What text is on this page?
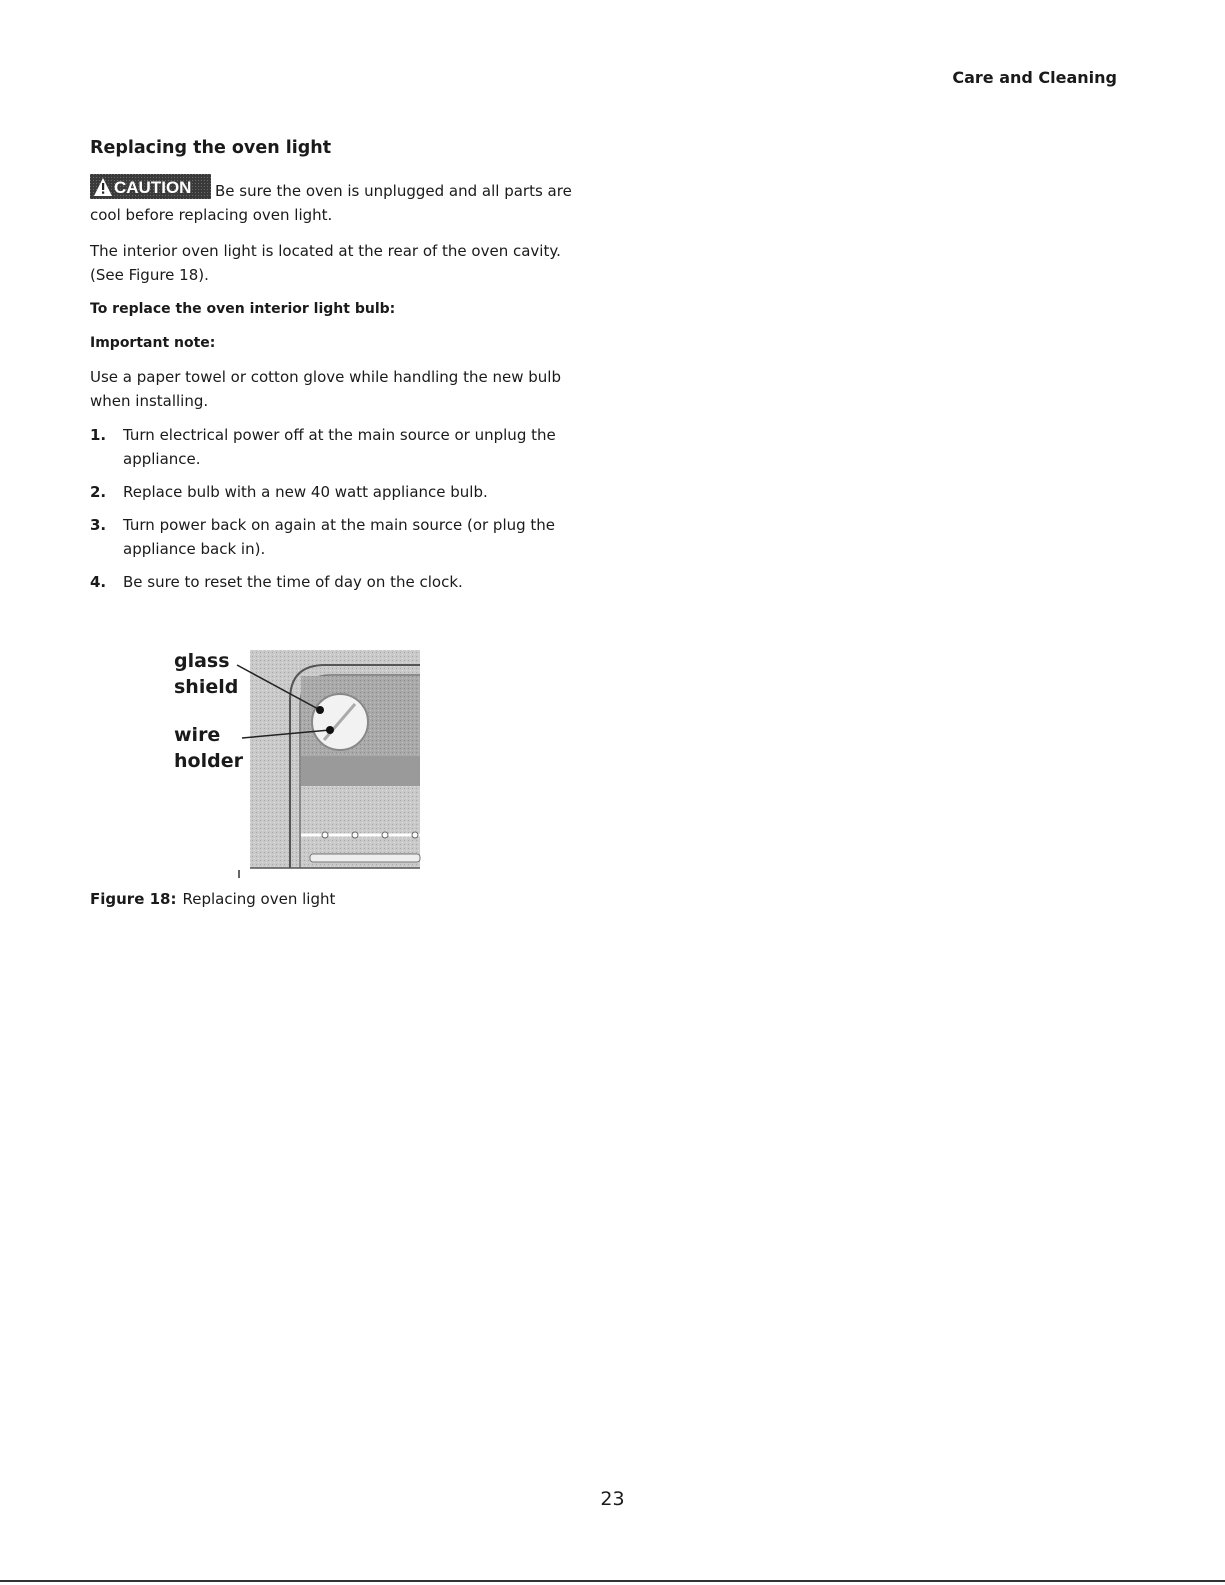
Care and Cleaning
Replacing the oven light

CAUTION Be sure the oven is unplugged and all parts are cool before replacing oven light.

The interior oven light is located at the rear of the oven cavity. (See Figure 18).

To replace the oven interior light bulb:

Important note:

Use a paper towel or cotton glove while handling the new bulb when installing.

1. Turn electrical power off at the main source or unplug the appliance.
2. Replace bulb with a new 40 watt appliance bulb.
3. Turn power back on again at the main source (or plug the appliance back in).
4. Be sure to reset the time of day on the clock.
glass
shield
wire
holder
Figure 18: Replacing oven light
23
